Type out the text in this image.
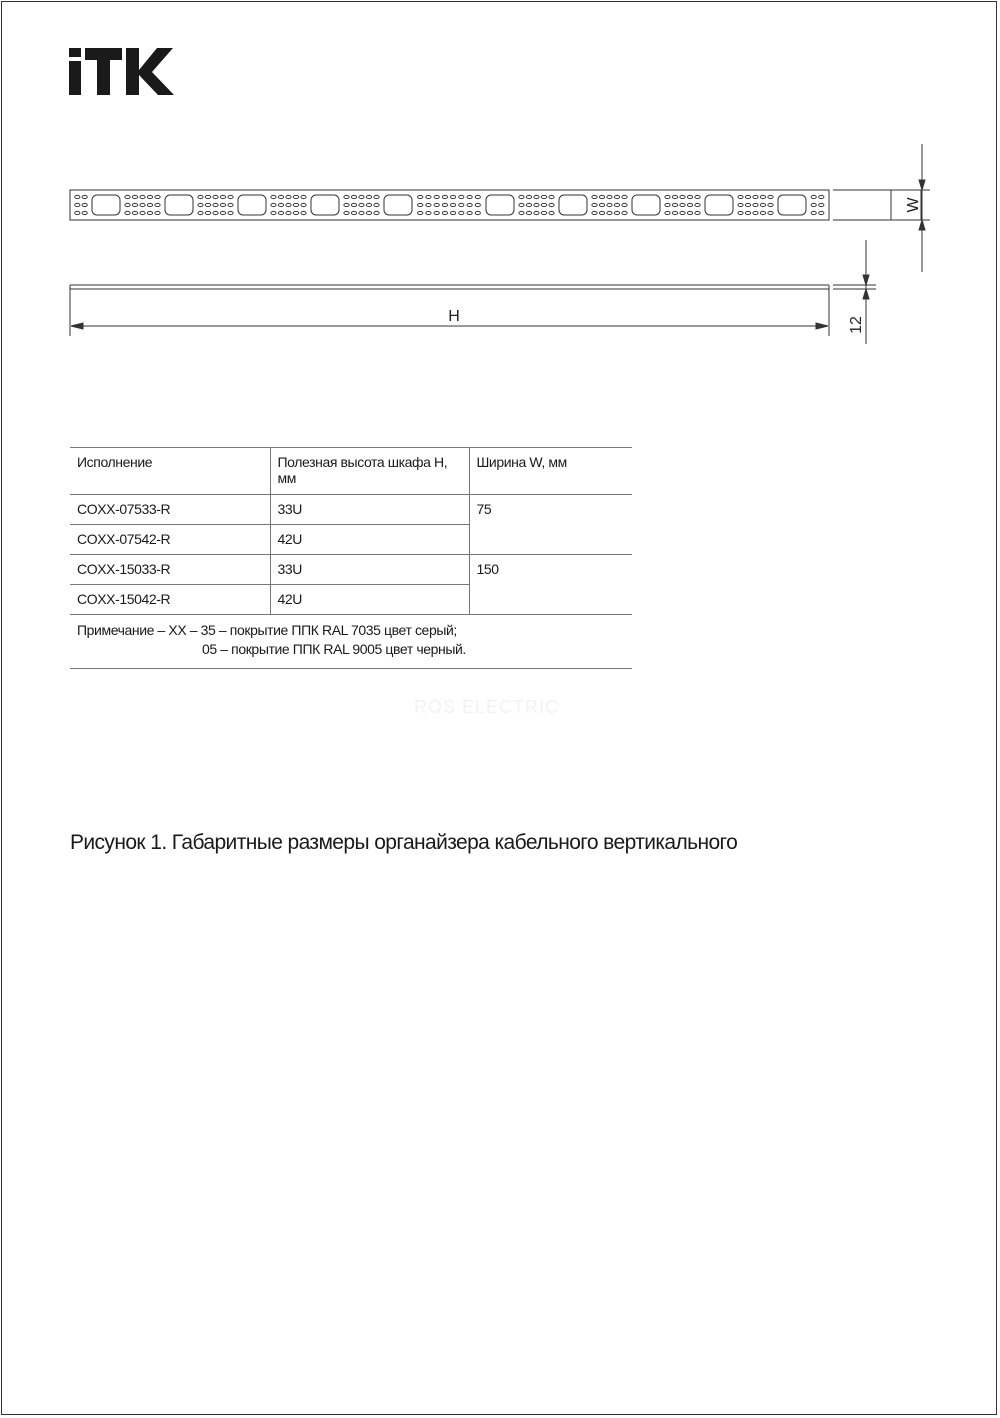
W
H	12
Исполнение	Полезная высота шкафа H, мм	Ширина W, мм
COXX-07533-R	33U	75
COXX-07542-R	42U	
COXX-15033-R	33U	150
COXX-15042-R	42U	

Примечание – XX – 35 – покрытие ППК RAL 7035 цвет серый;
05 – покрытие ППК RAL 9005 цвет черный.		
ROS ELECTRIC
Рисунок 1. Габаритные размеры органайзера кабельного вертикального
